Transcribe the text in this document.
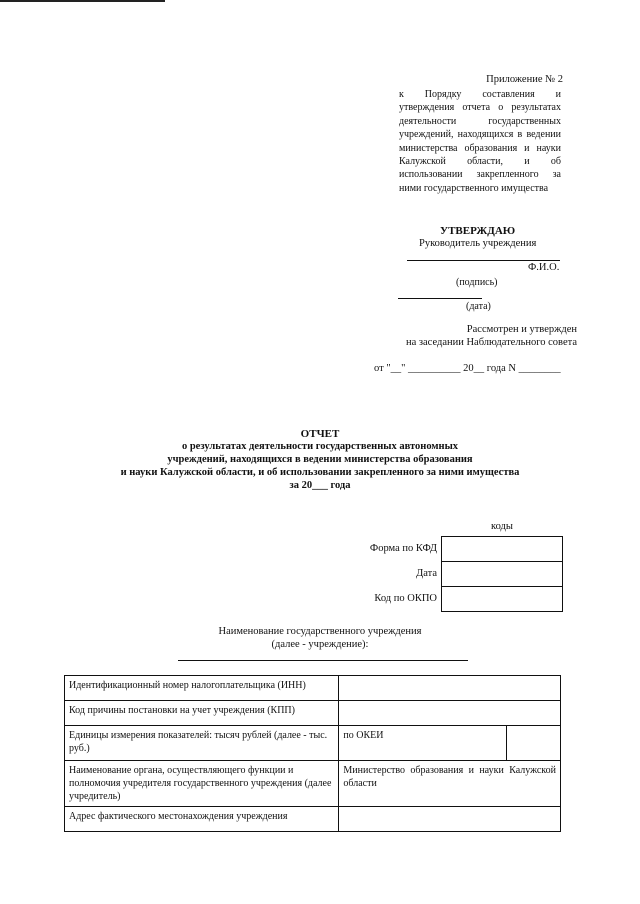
Приложение № 2
к Порядку составления и утверждения отчета о результатах деятельности государственных учреждений, находящихся в ведении министерства образования и науки Калужской области, и об использовании закрепленного за ними государственного имущества
УТВЕРЖДАЮ
Руководитель учреждения
Ф.И.О.
(подпись)
(дата)
Рассмотрен и утвержден
на заседании Наблюдательного совета
от "__" __________ 20__ года N ________
ОТЧЕТ
о результатах деятельности государственных автономных
учреждений, находящихся в ведении министерства образования
и науки Калужской области, и об использовании закрепленного за ними имущества
за 20___ года
коды
Форма по КФД
Дата
Код по ОКПО

Наименование государственного учреждения
(далее - учреждение):
Идентификационный номер налогоплательщика (ИНН)		
Код причины постановки на учет учреждения (КПП)		
Единицы измерения показателей: тысяч рублей (далее - тыс. руб.)	по ОКЕИ	
Наименование органа, осуществляющего функции и полномочия учредителя государственного учреждения (далее учредитель)	Министерство образования и науки Калужской области	
Адрес фактического местонахождения учреждения		
